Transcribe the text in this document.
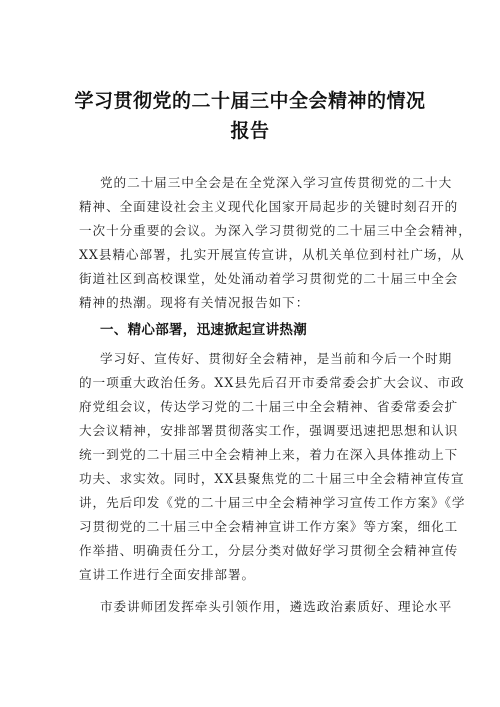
学习贯彻党的二十届三中全会精神的情况
报告
党的二十届三中全会是在全党深入学习宣传贯彻党的二十大
精神、全面建设社会主义现代化国家开局起步的关键时刻召开的
一次十分重要的会议。为深入学习贯彻党的二十届三中全会精神，
XX县精心部署，扎实开展宣传宣讲，从机关单位到村社广场，从
街道社区到高校课堂，处处涌动着学习贯彻党的二十届三中全会
精神的热潮。现将有关情况报告如下：
一、精心部署，迅速掀起宣讲热潮
学习好、宣传好、贯彻好全会精神，是当前和今后一个时期
的一项重大政治任务。XX县先后召开市委常委会扩大会议、市政
府党组会议，传达学习党的二十届三中全会精神、省委常委会扩
大会议精神，安排部署贯彻落实工作，强调要迅速把思想和认识
统一到党的二十届三中全会精神上来，着力在深入具体推动上下
功夫、求实效。同时，XX县聚焦党的二十届三中全会精神宣传宣
讲，先后印发《党的二十届三中全会精神学习宣传工作方案》《学
习贯彻党的二十届三中全会精神宣讲工作方案》等方案，细化工
作举措、明确责任分工，分层分类对做好学习贯彻全会精神宣传
宣讲工作进行全面安排部署。
市委讲师团发挥牵头引领作用，遴选政治素质好、理论水平
